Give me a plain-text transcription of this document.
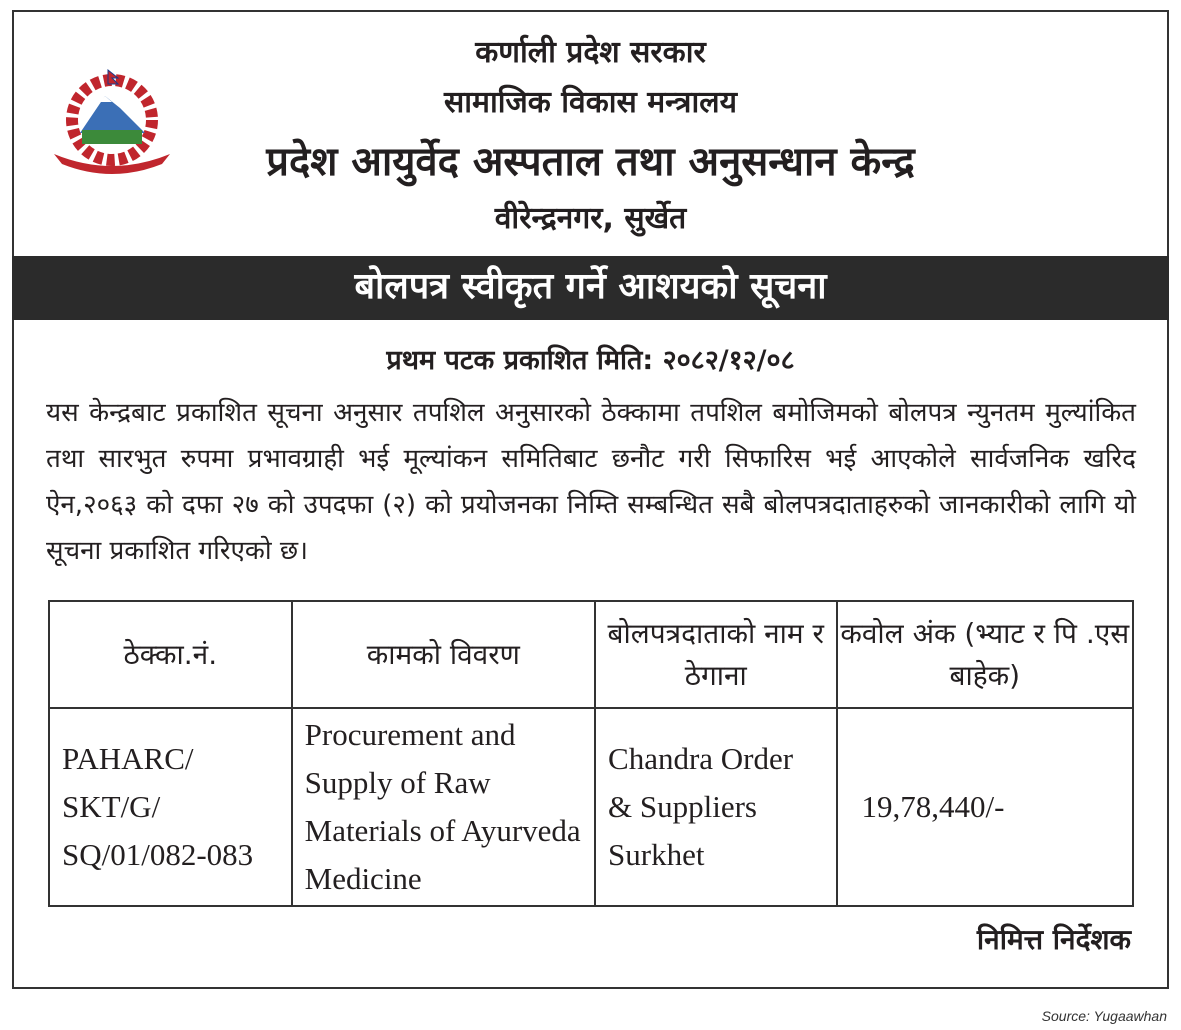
कर्णाली प्रदेश सरकार
सामाजिक विकास मन्त्रालय
प्रदेश आयुर्वेद अस्पताल तथा अनुसन्धान केन्द्र
वीरेन्द्रनगर, सुर्खेत
बोलपत्र स्वीकृत गर्ने आशयको सूचना
प्रथम पटक प्रकाशित मिति: २०८२/१२/०८
यस केन्द्रबाट प्रकाशित सूचना अनुसार तपशिल अनुसारको ठेक्कामा तपशिल बमोजिमको बोलपत्र न्युनतम मुल्यांकित तथा सारभुत रुपमा प्रभावग्राही भई मूल्यांकन समितिबाट छनौट गरी सिफारिस भई आएकोले सार्वजनिक खरिद ऐन,२०६३ को दफा २७ को उपदफा (२) को प्रयोजनका निम्ति सम्बन्धित सबै बोलपत्रदाताहरुको जानकारीको लागि यो सूचना प्रकाशित गरिएको छ।
ठेक्का.नं.	कामको विवरण	बोलपत्रदाताको नाम र ठेगाना	कवोल अंक (भ्याट र पि .एस बाहेक)
PAHARC/ SKT/G/ SQ/01/082-083	Procurement and Supply of Raw Materials of Ayurveda Medicine	Chandra Order & Suppliers Surkhet	19,78,440/-
निमित्त निर्देशक
Source: Yugaawhan
